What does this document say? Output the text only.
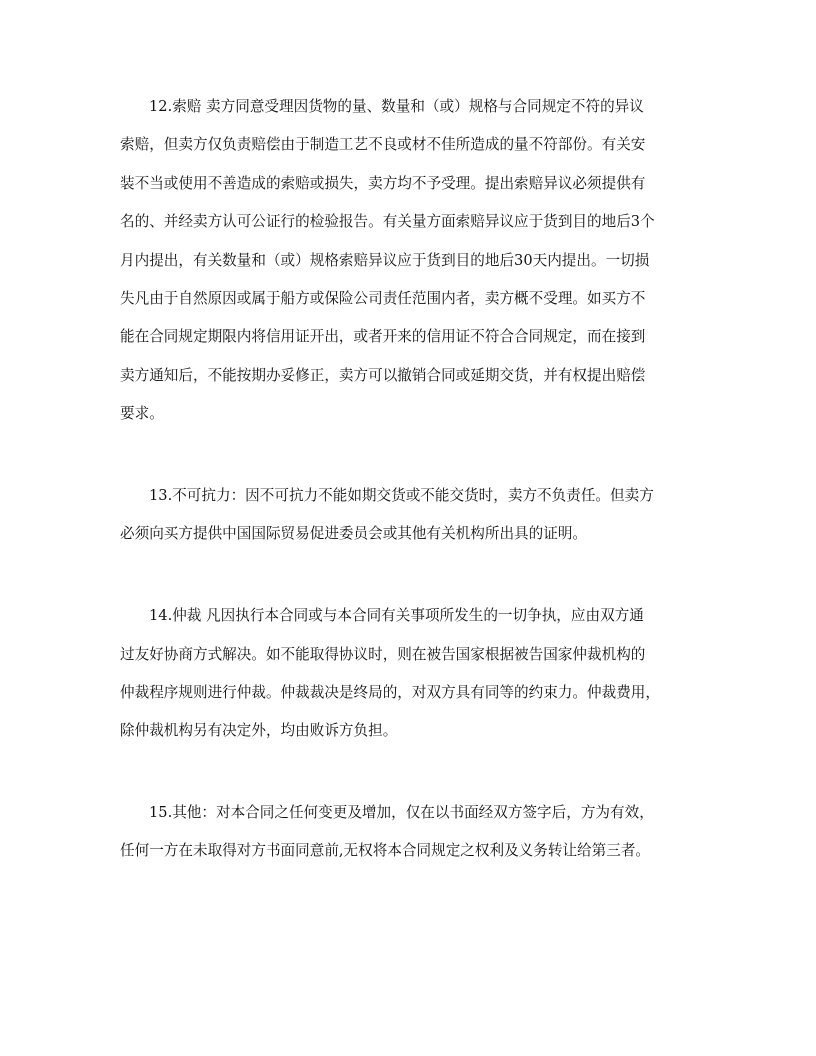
12.索赔 卖方同意受理因货物的量、数量和（或）规格与合同规定不符的异议
索赔，但卖方仅负责赔偿由于制造工艺不良或材不佳所造成的量不符部份。有关安
装不当或使用不善造成的索赔或损失，卖方均不予受理。提出索赔异议必须提供有
名的、并经卖方认可公证行的检验报告。有关量方面索赔异议应于货到目的地后3个
月内提出，有关数量和（或）规格索赔异议应于货到目的地后30天内提出。一切损
失凡由于自然原因或属于船方或保险公司责任范围内者，卖方概不受理。如买方不
能在合同规定期限内将信用证开出，或者开来的信用证不符合合同规定，而在接到
卖方通知后，不能按期办妥修正，卖方可以撤销合同或延期交货，并有权提出赔偿
要求。
13.不可抗力：因不可抗力不能如期交货或不能交货时，卖方不负责任。但卖方
必须向买方提供中国国际贸易促进委员会或其他有关机构所出具的证明。
14.仲裁 凡因执行本合同或与本合同有关事项所发生的一切争执，应由双方通
过友好协商方式解决。如不能取得协议时，则在被告国家根据被告国家仲裁机构的
仲裁程序规则进行仲裁。仲裁裁决是终局的，对双方具有同等的约束力。仲裁费用，
除仲裁机构另有决定外，均由败诉方负担。
15.其他：对本合同之任何变更及增加，仅在以书面经双方签字后，方为有效，
任何一方在未取得对方书面同意前,无权将本合同规定之权利及义务转让给第三者。
